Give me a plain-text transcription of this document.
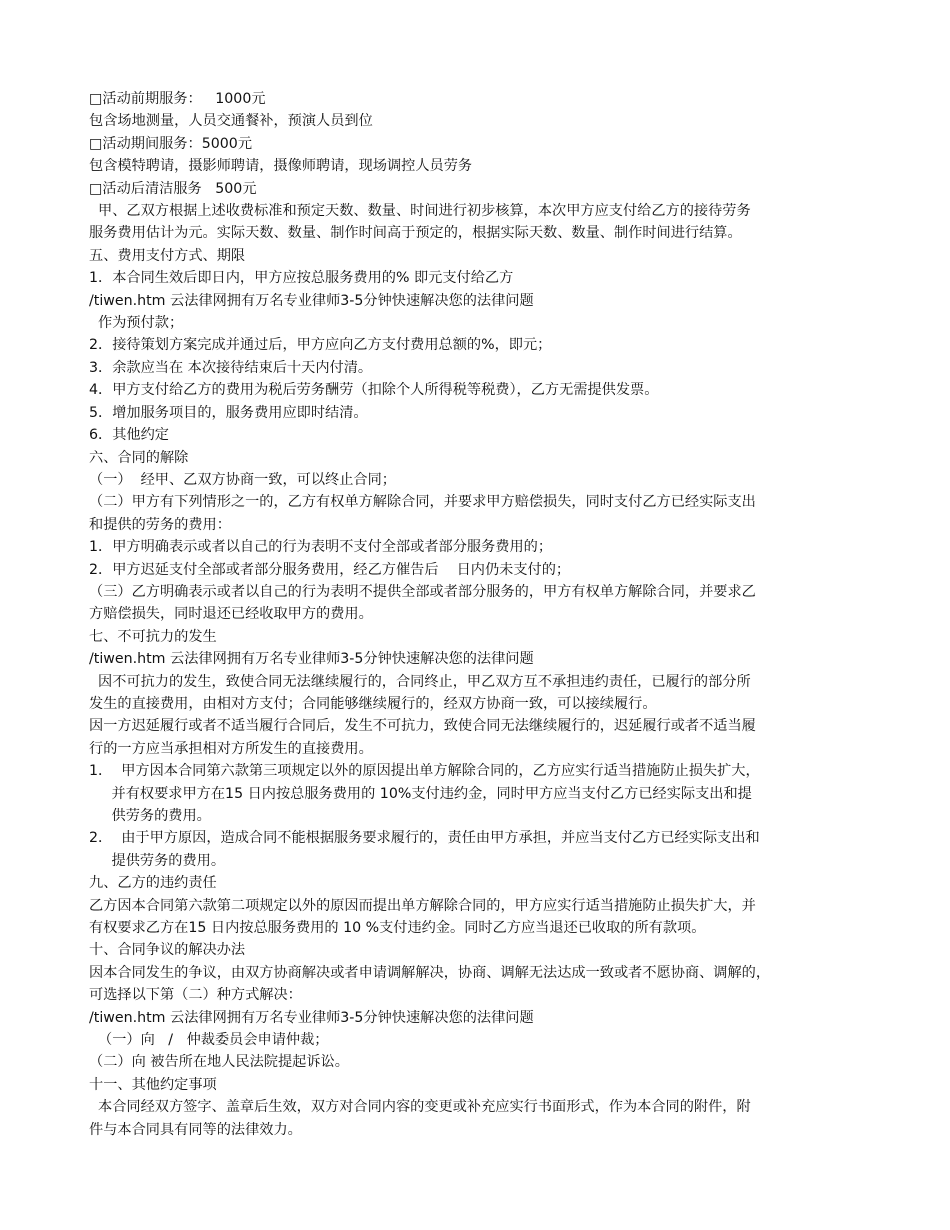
□活动前期服务：   1000元
包含场地测量，人员交通餐补，预演人员到位
□活动期间服务：5000元
包含模特聘请，摄影师聘请，摄像师聘请，现场调控人员劳务
□活动后清洁服务   500元
甲、乙双方根据上述收费标准和预定天数、数量、时间进行初步核算，本次甲方应支付给乙方的接待劳务
服务费用估计为元。实际天数、数量、制作时间高于预定的，根据实际天数、数量、制作时间进行结算。
五、费用支付方式、期限
1．本合同生效后即日内，甲方应按总服务费用的% 即元支付给乙方
/tiwen.htm 云法律网拥有万名专业律师3-5分钟快速解决您的法律问题
作为预付款；
2．接待策划方案完成并通过后，甲方应向乙方支付费用总额的%，即元；
3．余款应当在 本次接待结束后十天内付清。
4．甲方支付给乙方的费用为税后劳务酬劳（扣除个人所得税等税费），乙方无需提供发票。
5．增加服务项目的，服务费用应即时结清。
6．其他约定
六、合同的解除
（一）  经甲、乙双方协商一致，可以终止合同；
（二）甲方有下列情形之一的，乙方有权单方解除合同，并要求甲方赔偿损失，同时支付乙方已经实际支出
和提供的劳务的费用：
1．甲方明确表示或者以自己的行为表明不支付全部或者部分服务费用的；
2．甲方迟延支付全部或者部分服务费用，经乙方催告后    日内仍未支付的；
（三）乙方明确表示或者以自己的行为表明不提供全部或者部分服务的，甲方有权单方解除合同，并要求乙
方赔偿损失，同时退还已经收取甲方的费用。
七、不可抗力的发生
/tiwen.htm 云法律网拥有万名专业律师3-5分钟快速解决您的法律问题
因不可抗力的发生，致使合同无法继续履行的，合同终止，甲乙双方互不承担违约责任，已履行的部分所
发生的直接费用，由相对方支付；合同能够继续履行的，经双方协商一致，可以接续履行。
因一方迟延履行或者不适当履行合同后，发生不可抗力，致使合同无法继续履行的，迟延履行或者不适当履
行的一方应当承担相对方所发生的直接费用。
1．  甲方因本合同第六款第三项规定以外的原因提出单方解除合同的，乙方应实行适当措施防止损失扩大，
并有权要求甲方在15 日内按总服务费用的 10%支付违约金，同时甲方应当支付乙方已经实际支出和提
供劳务的费用。
2．  由于甲方原因，造成合同不能根据服务要求履行的，责任由甲方承担，并应当支付乙方已经实际支出和
提供劳务的费用。
九、乙方的违约责任
乙方因本合同第六款第二项规定以外的原因而提出单方解除合同的，甲方应实行适当措施防止损失扩大，并
有权要求乙方在15 日内按总服务费用的 10 %支付违约金。同时乙方应当退还已收取的所有款项。
十、合同争议的解决办法
因本合同发生的争议，由双方协商解决或者申请调解解决，协商、调解无法达成一致或者不愿协商、调解的，
可选择以下第（二）种方式解决：
/tiwen.htm 云法律网拥有万名专业律师3-5分钟快速解决您的法律问题
（一）向   /   仲裁委员会申请仲裁；
（二）向 被告所在地人民法院提起诉讼。
十一、其他约定事项
本合同经双方签字、盖章后生效，双方对合同内容的变更或补充应实行书面形式，作为本合同的附件，附
件与本合同具有同等的法律效力。
